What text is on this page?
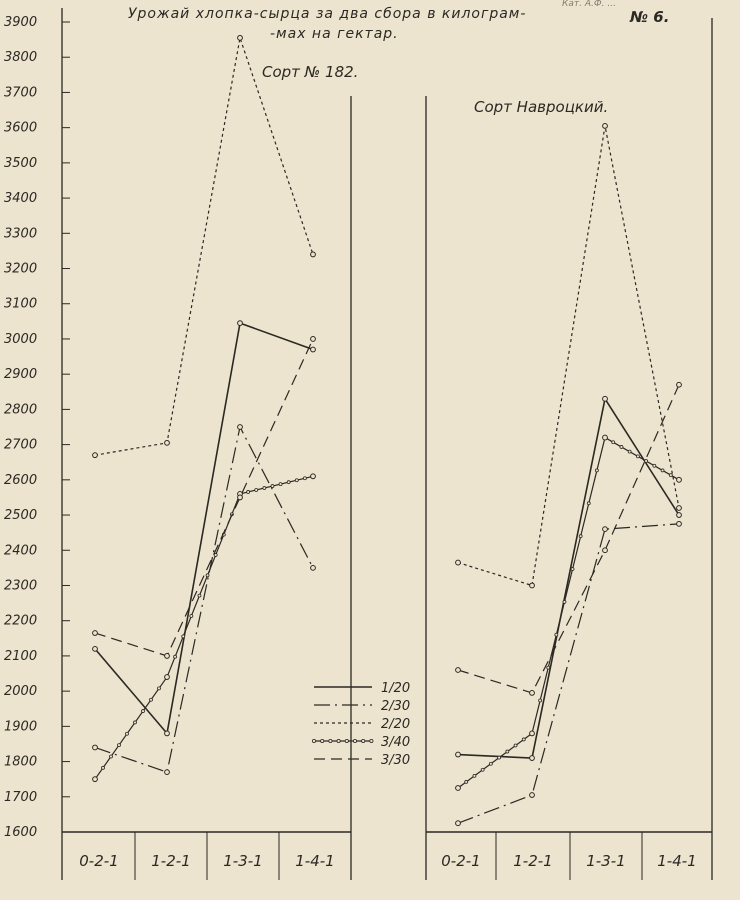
3900
3800
3700
3600
3500
3400
3300
3200
3100
3000
2900
2800
2700
2600
2500
2400
2300
2200
2100
2000
1900
1800
1700
1600
0-2-1 1-2-1 1-3-1 1-4-1	0-2-1 1-2-1 1-3-1 1-4-1
1/20
2/30
2/20
3/40
3/30
Урожай хлопка-сырца за два сбора в килограм-
-мах на гектар.
Кат. А.Ф. ...
№ 6.
Сорт № 182.
Сорт Навроцкий.
